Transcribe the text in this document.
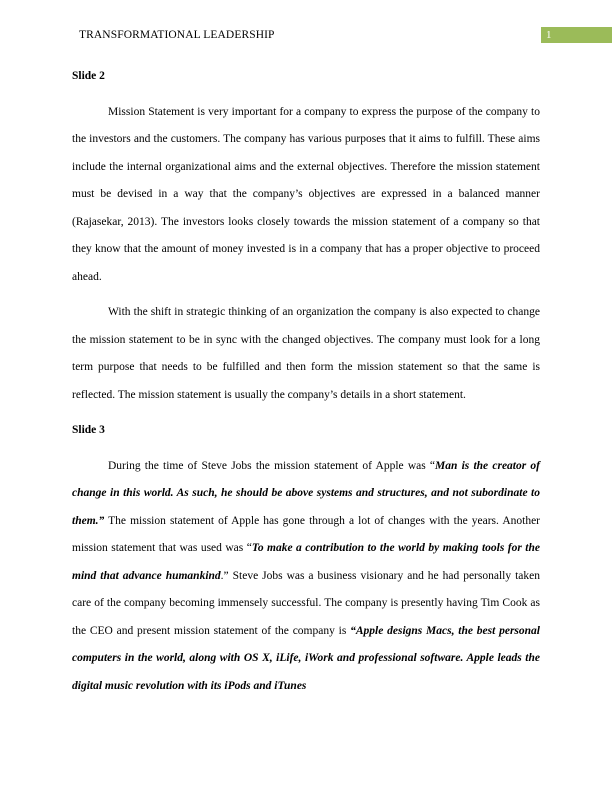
TRANSFORMATIONAL LEADERSHIP	1
Slide 2

Mission Statement is very important for a company to express the purpose of the company to the investors and the customers. The company has various purposes that it aims to fulfill. These aims include the internal organizational aims and the external objectives. Therefore the mission statement must be devised in a way that the company’s objectives are expressed in a balanced manner (Rajasekar, 2013). The investors looks closely towards the mission statement of a company so that they know that the amount of money invested is in a company that has a proper objective to proceed ahead.

With the shift in strategic thinking of an organization the company is also expected to change the mission statement to be in sync with the changed objectives. The company must look for a long term purpose that needs to be fulfilled and then form the mission statement so that the same is reflected. The mission statement is usually the company’s details in a short statement.

Slide 3

During the time of Steve Jobs the mission statement of Apple was “Man is the creator of change in this world. As such, he should be above systems and structures, and not subordinate to them.” The mission statement of Apple has gone through a lot of changes with the years. Another mission statement that was used was “To make a contribution to the world by making tools for the mind that advance humankind.” Steve Jobs was a business visionary and he had personally taken care of the company becoming immensely successful. The company is presently having Tim Cook as the CEO and present mission statement of the company is “Apple designs Macs, the best personal computers in the world, along with OS X, iLife, iWork and professional software. Apple leads the digital music revolution with its iPods and iTunes
